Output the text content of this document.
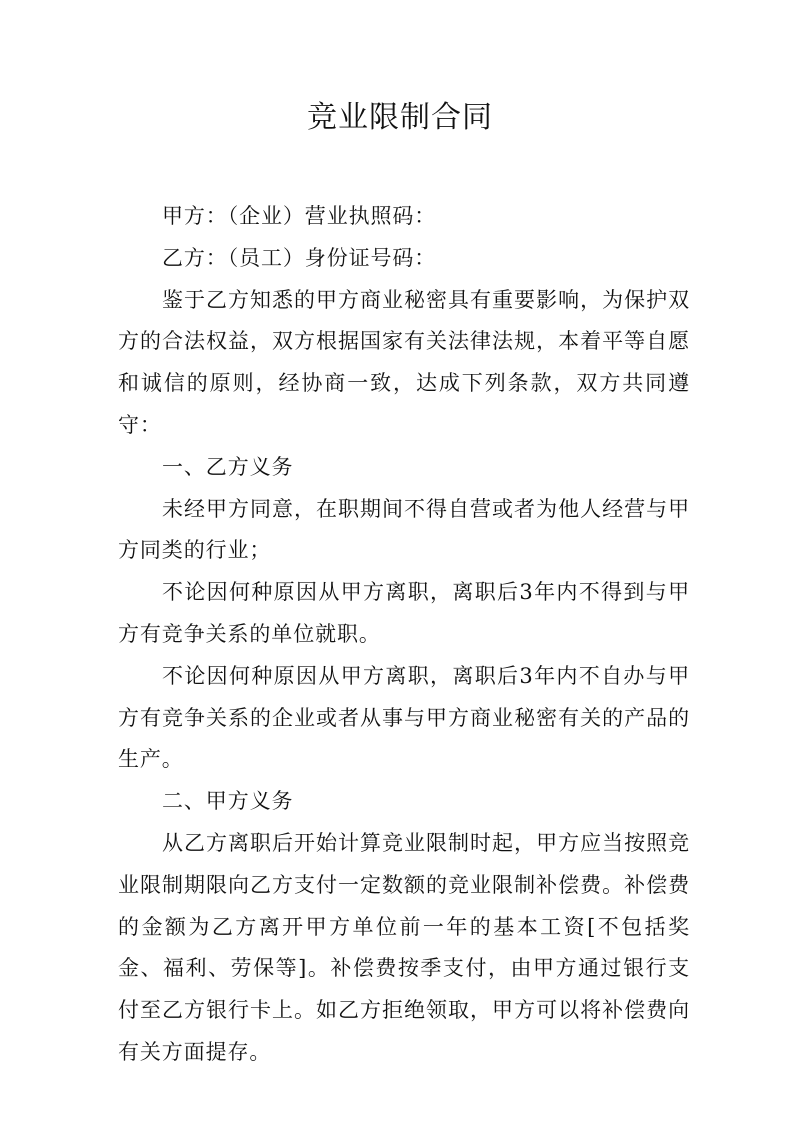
竞业限制合同

甲方：（企业）营业执照码：

乙方：（员工）身份证号码：

鉴于乙方知悉的甲方商业秘密具有重要影响，为保护双方的合法权益，双方根据国家有关法律法规，本着平等自愿和诚信的原则，经协商一致，达成下列条款，双方共同遵守：

一、乙方义务

未经甲方同意，在职期间不得自营或者为他人经营与甲方同类的行业；

不论因何种原因从甲方离职，离职后3年内不得到与甲方有竞争关系的单位就职。

不论因何种原因从甲方离职，离职后3年内不自办与甲方有竞争关系的企业或者从事与甲方商业秘密有关的产品的生产。

二、甲方义务

从乙方离职后开始计算竞业限制时起，甲方应当按照竞业限制期限向乙方支付一定数额的竞业限制补偿费。补偿费的金额为乙方离开甲方单位前一年的基本工资[不包括奖金、福利、劳保等]。补偿费按季支付，由甲方通过银行支付至乙方银行卡上。如乙方拒绝领取，甲方可以将补偿费向有关方面提存。
